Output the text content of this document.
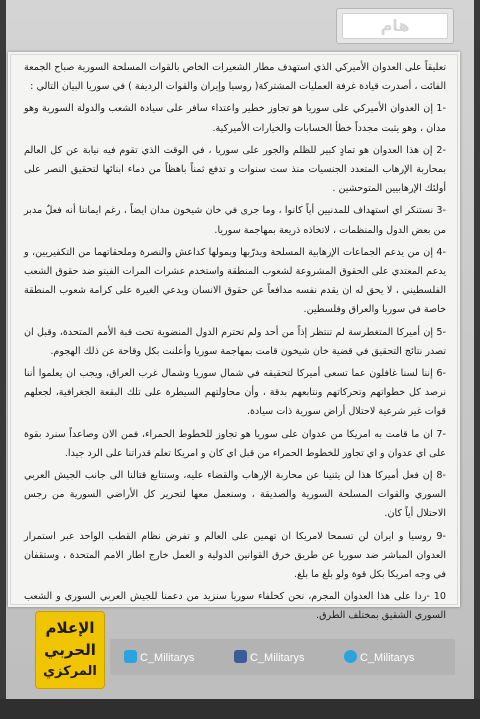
هام

تعليقاً على العدوان الأميركي الذي استهدف مطار الشعيرات الخاص بالقوات المسلحة السورية صباح الجمعة الفائت ، أصدرت قيادة غرفة العمليات المشتركة( روسيا وإيران والقوات الرديفة ) في سوريا البيان التالي :

-1 إن العدوان الأميركي على سوريا هو تجاوز خطير واعتداء سافر على سيادة الشعب والدولة السورية وهو مدان ، وهو يثبت مجدداً خطأ الحسابات والخيارات الأميركية.

-2 إن هذا العدوان هو تمادٍ كبير للظلم والجور على سوريا ، في الوقت الذي تقوم فيه نيابة عن كل العالم بمحاربة الإرهاب المتعدد الجنسيات منذ ست سنوات و تدفع ثمناً باهظاً من دماء ابنائها لتحقيق النصر على أولئك الإرهابيين المتوحشين .

-3 نستنكر اي استهداف للمدنيين أياً كانوا ، وما جرى في خان شيخون مدان ايضاً ، رغم ايماننا أنه فعلٌ مدبر من بعض الدول والمنظمات ، لاتخاذه ذريعة بمهاجمة سوريا.

-4 إن من يدعم الجماعات الإرهابية المسلحة ويدرّبها ويمولها كداعش والنصرة وملحقاتهما من التكفيريين، و يدعم المعتدي على الحقوق المشروعة لشعوب المنطقة واستخدم عشرات المرات الفيتو ضد حقوق الشعب الفلسطيني ، لا يحق له ان يقدم نفسه مدافعاً عن حقوق الانسان ويدعي الغيرة على كرامة شعوب المنطقة خاصة في سوريا والعراق وفلسطين.

-5 إن أميركا المتغطرسة لم تنتظر إذاً من أحد ولم تحترم الدول المنضوية تحت قبة الأمم المتحدة، وقبل ان تصدر نتائج التحقيق في قضية خان شيخون قامت بمهاجمة سوريا وأعلنت بكل وقاحة عن ذلك الهجوم.

-6 إننا لسنا غافلون عما تسعى أميركا لتحقيقه في شمال سوريا وشمال غرب العراق، ويجب ان يعلموا أننا نرصد كل خطواتهم وتحركاتهم ونتابعهم بدقة ، وأن محاولتهم السيطرة على تلك البقعة الجغرافية، لجعلهم قوات غير شرعية لاحتلال أراض سورية ذات سيادة.

-7 ان ما قامت به امريكا من عدوان على سوريا هو تجاوز للخطوط الحمراء، فمن الان وصاعداً سنرد بقوة على اي عدوان و اي تجاوز للخطوط الحمراء من قبل اي كان و امريكا تعلم قدراتنا على الرد جيدا.

-8 إن فعل أميركا هذا لن يثنينا عن محاربة الإرهاب والقضاء عليه، وسنتابع قتالنا الى جانب الجيش العربي السوري والقوات المسلحة السورية والصديقة ، وسنعمل معها لتحرير كل الأراضي السورية من رجس الاحتلال أياً كان.

-9 روسيا و ايران لن تسمحا لامريكا ان تهمين على العالم و تفرض نظام القطب الواحد عبر استمرار العدوان المباشر ضد سوريا عن طريق خرق القوانين الدولية و العمل خارج اطار الامم المتحدة ، وستقفان في وجه امريكا بكل قوة ولو بلغ ما بلغ.

10 -ردا على هذا العدوان المجرم، نحن كحلفاء سوريا سنزيد من دعمنا للجيش العربي السوري و الشعب السوري الشقيق بمختلف الطرق.

الإعلام
الحربي
المركزي
C_Militarys	C_Militarys	C_Militarys
